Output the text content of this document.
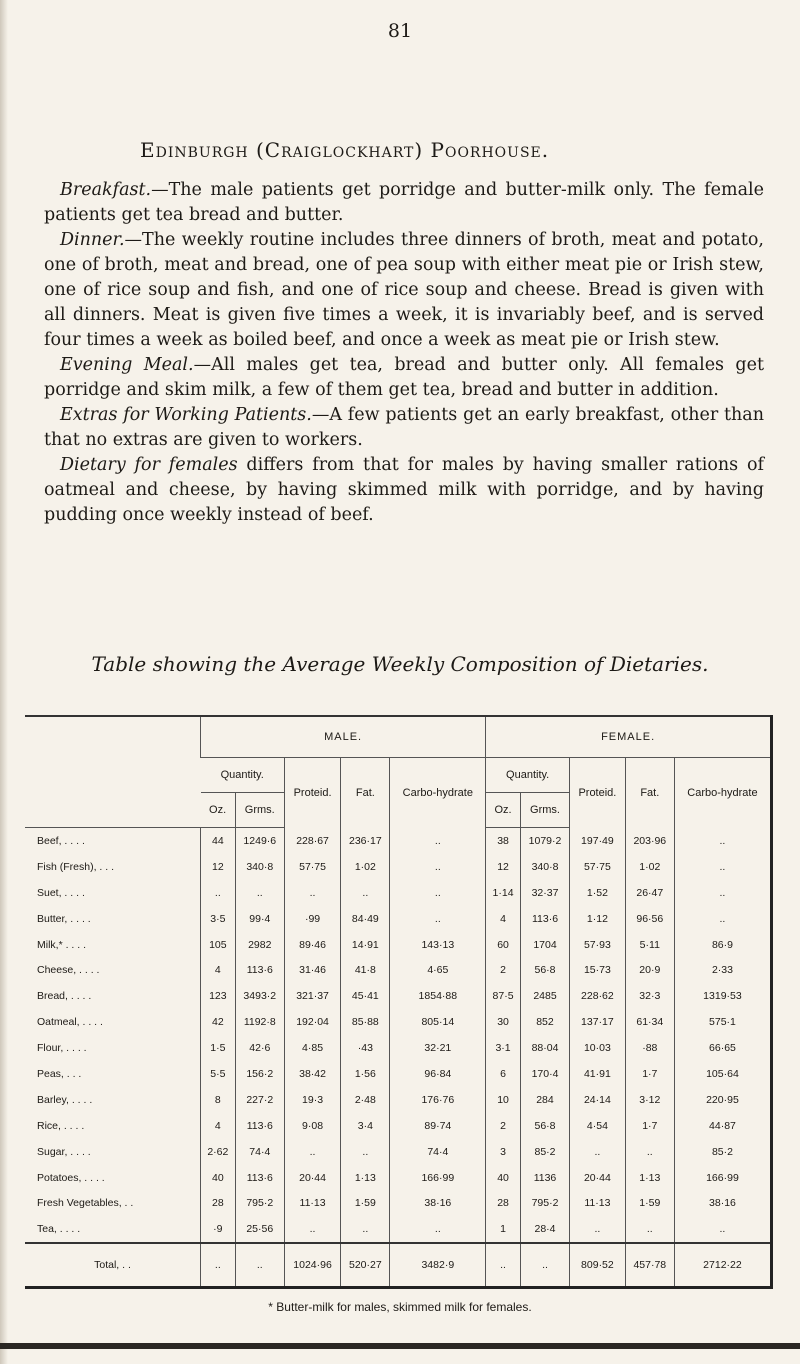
81
Edinburgh (Craiglockhart) Poorhouse.

Breakfast.—The male patients get porridge and butter-milk only. The female patients get tea bread and butter.

Dinner.—The weekly routine includes three dinners of broth, meat and potato, one of broth, meat and bread, one of pea soup with either meat pie or Irish stew, one of rice soup and fish, and one of rice soup and cheese. Bread is given with all dinners. Meat is given five times a week, it is invariably beef, and is served four times a week as boiled beef, and once a week as meat pie or Irish stew.

Evening Meal.—All males get tea, bread and butter only. All females get porridge and skim milk, a few of them get tea, bread and butter in addition.

Extras for Working Patients.—A few patients get an early breakfast, other than that no extras are given to workers.

Dietary for females differs from that for males by having smaller rations of oatmeal and cheese, by having skimmed milk with porridge, and by having pudding once weekly instead of beef.

Table showing the Average Weekly Composition of Dietaries.
	MALE.					FEMALE.				
	Quantity.		Proteid.	Fat.	Carbo-hydrate	Quantity.		Proteid.	Fat.	Carbo-hydrate
	Oz.	Grms.				Oz.	Grms.			
Beef, . . . .	44	1249·6	228·67	236·17	..	38	1079·2	197·49	203·96	..
Fish (Fresh), . . .	12	340·8	57·75	1·02	..	12	340·8	57·75	1·02	..
Suet, . . . .	..	..	..	..	..	1·14	32·37	1·52	26·47	..
Butter, . . . .	3·5	99·4	·99	84·49	..	4	113·6	1·12	96·56	..
Milk,* . . . .	105	2982	89·46	14·91	143·13	60	1704	57·93	5·11	86·9
Cheese, . . . .	4	113·6	31·46	41·8	4·65	2	56·8	15·73	20·9	2·33
Bread, . . . .	123	3493·2	321·37	45·41	1854·88	87·5	2485	228·62	32·3	1319·53
Oatmeal, . . . .	42	1192·8	192·04	85·88	805·14	30	852	137·17	61·34	575·1
Flour, . . . .	1·5	42·6	4·85	·43	32·21	3·1	88·04	10·03	·88	66·65
Peas, . . .	5·5	156·2	38·42	1·56	96·84	6	170·4	41·91	1·7	105·64
Barley, . . . .	8	227·2	19·3	2·48	176·76	10	284	24·14	3·12	220·95
Rice, . . . .	4	113·6	9·08	3·4	89·74	2	56·8	4·54	1·7	44·87
Sugar, . . . .	2·62	74·4	..	..	74·4	3	85·2	..	..	85·2
Potatoes, . . . .	40	113·6	20·44	1·13	166·99	40	1136	20·44	1·13	166·99
Fresh Vegetables, . .	28	795·2	11·13	1·59	38·16	28	795·2	11·13	1·59	38·16
Tea, . . . .	·9	25·56	..	..	..	1	28·4	..	..	..
Total, . .	..	..	1024·96	520·27	3482·9	..	..	809·52	457·78	2712·22
* Butter-milk for males, skimmed milk for females.
